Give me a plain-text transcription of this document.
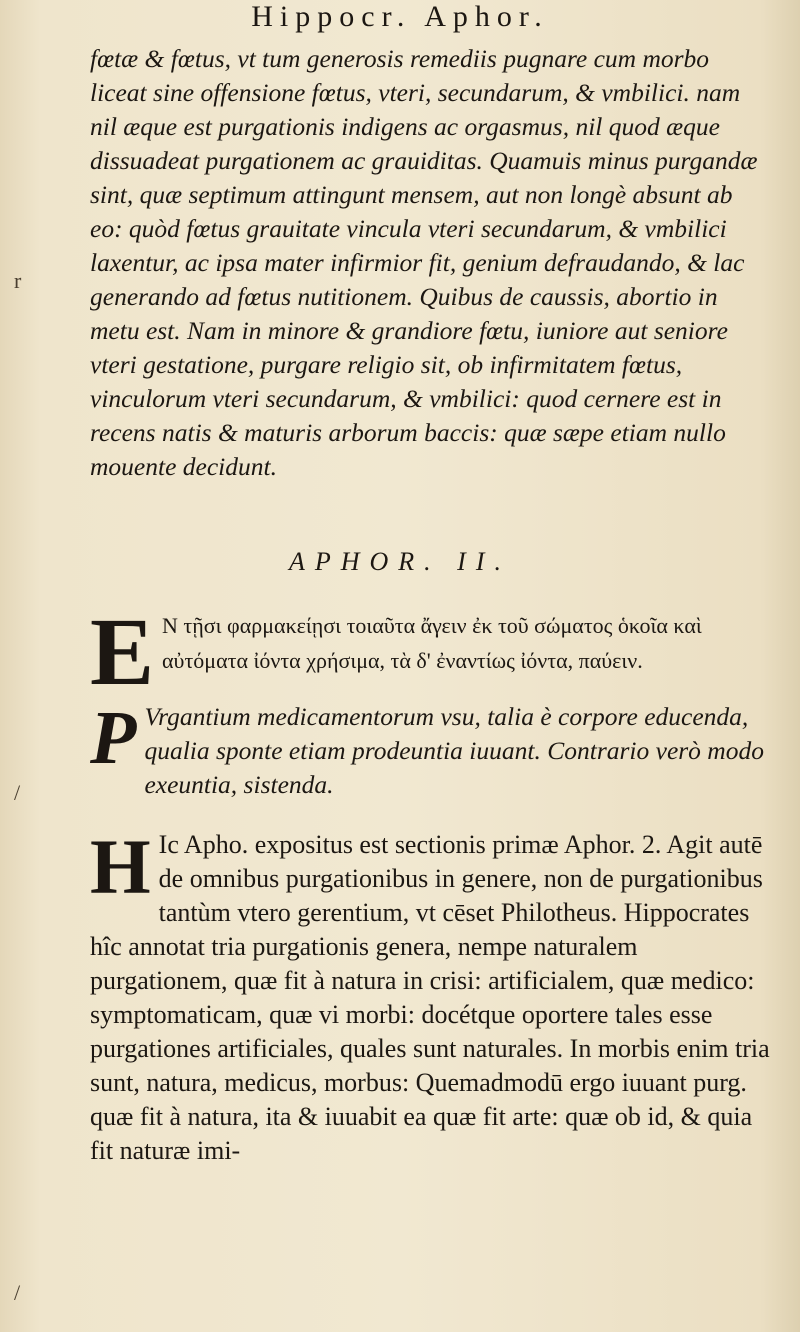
Hippocr. Aphor.

fœtæ & fœtus, vt tum generosis remediis pugnare cum morbo liceat sine offensione fœtus, vteri, secundarum, & vmbilici. nam nil æque est purgationis indigens ac orgasmus, nil quod æque dissuadeat purgationem ac grauiditas. Quamuis minus purgandæ sint, quæ septimum attingunt mensem, aut non longè absunt ab eo: quòd fœtus grauitate vincula vteri secundarum, & vmbilici laxentur, ac ipsa mater infirmior fit, genium defraudando, & lac generando ad fœtus nutitionem. Quibus de caussis, abortio in metu est. Nam in minore & grandiore fœtu, iuniore aut seniore vteri gestatione, purgare religio sit, ob infirmitatem fœtus, vinculorum vteri secundarum, & vmbilici: quod cernere est in recens natis & maturis arborum baccis: quæ sæpe etiam nullo mouente decidunt.

APHOR. II.

E Ν τῇσι φαρμακείῃσι τοιαῦτα ἄγειν ἐκ τοῦ σώματος ὁκοῖα καὶ αὐτόματα ἰόντα χρήσιμα, τὰ δ' ἐναντίως ἰόντα, παύειν.

P Vrgantium medicamentorum vsu, talia è corpore educenda, qualia sponte etiam prodeuntia iuuant. Contrario verò modo exeuntia, sistenda.

H Ic Apho. expositus est sectionis primæ Aphor. 2. Agit autē de omnibus purgationibus in genere, non de purgationibus tantùm vtero gerentium, vt cēset Philotheus. Hippocrates hîc annotat tria purgationis genera, nempe naturalem purgationem, quæ fit à natura in crisi: artificialem, quæ medico: symptomaticam, quæ vi morbi: docétque oportere tales esse purgationes artificiales, quales sunt naturales. In morbis enim tria sunt, natura, medicus, morbus: Quemadmodū ergo iuuant purg. quæ fit à natura, ita & iuuabit ea quæ fit arte: quæ ob id, & quia fit naturæ imi-

r
/
/
